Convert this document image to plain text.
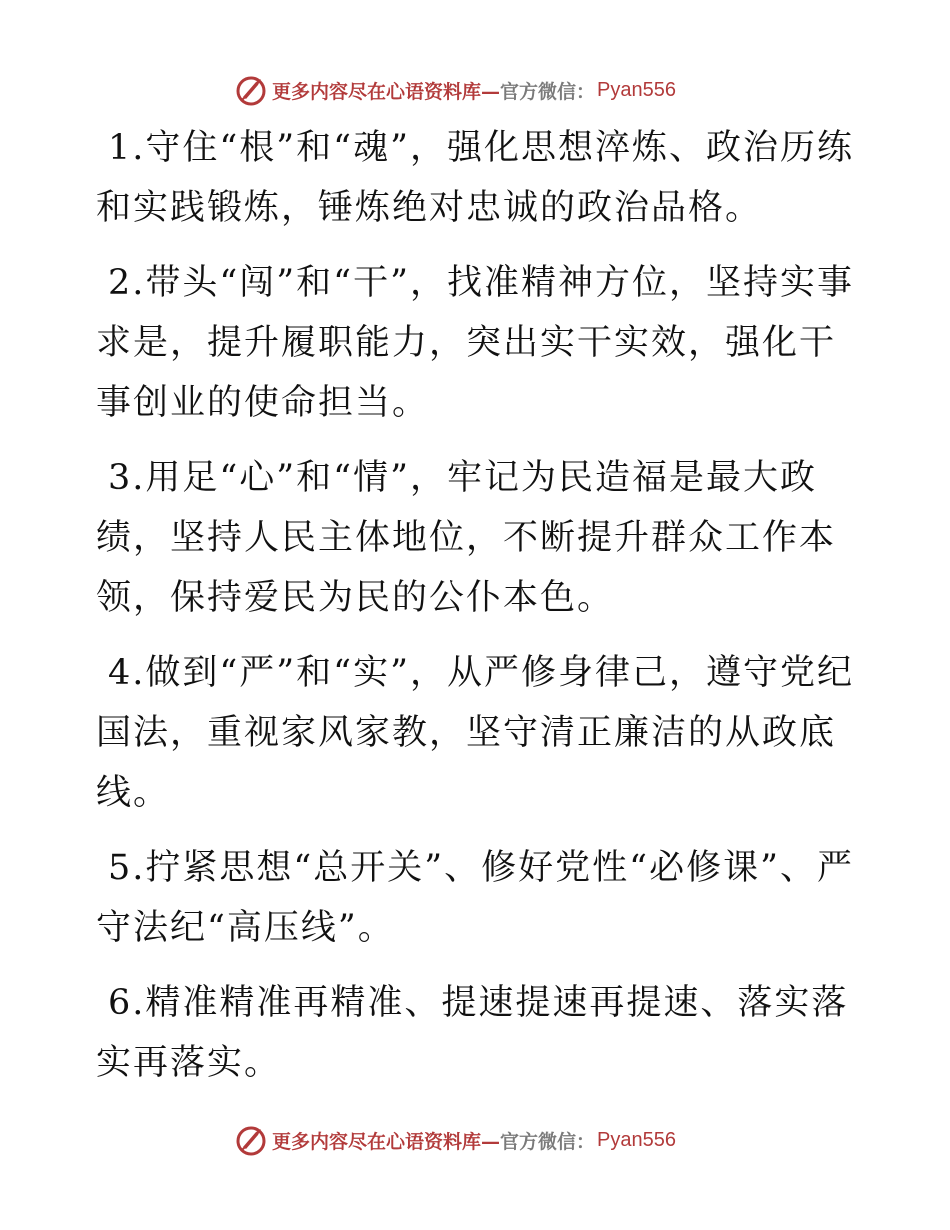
更多内容尽在心语资料库— 官方微信： Pyan556

1.守住“根”和“魂”，强化思想淬炼、政治历练和实践锻炼，锤炼绝对忠诚的政治品格。

2.带头“闯”和“干”，找准精神方位，坚持实事求是，提升履职能力，突出实干实效，强化干事创业的使命担当。

3.用足“心”和“情”，牢记为民造福是最大政绩，坚持人民主体地位，不断提升群众工作本领，保持爱民为民的公仆本色。

4.做到“严”和“实”，从严修身律己，遵守党纪国法，重视家风家教，坚守清正廉洁的从政底线。

5.拧紧思想“总开关”、修好党性“必修课”、严守法纪“高压线”。

6.精准精准再精准、提速提速再提速、落实落实再落实。

更多内容尽在心语资料库— 官方微信： Pyan556
